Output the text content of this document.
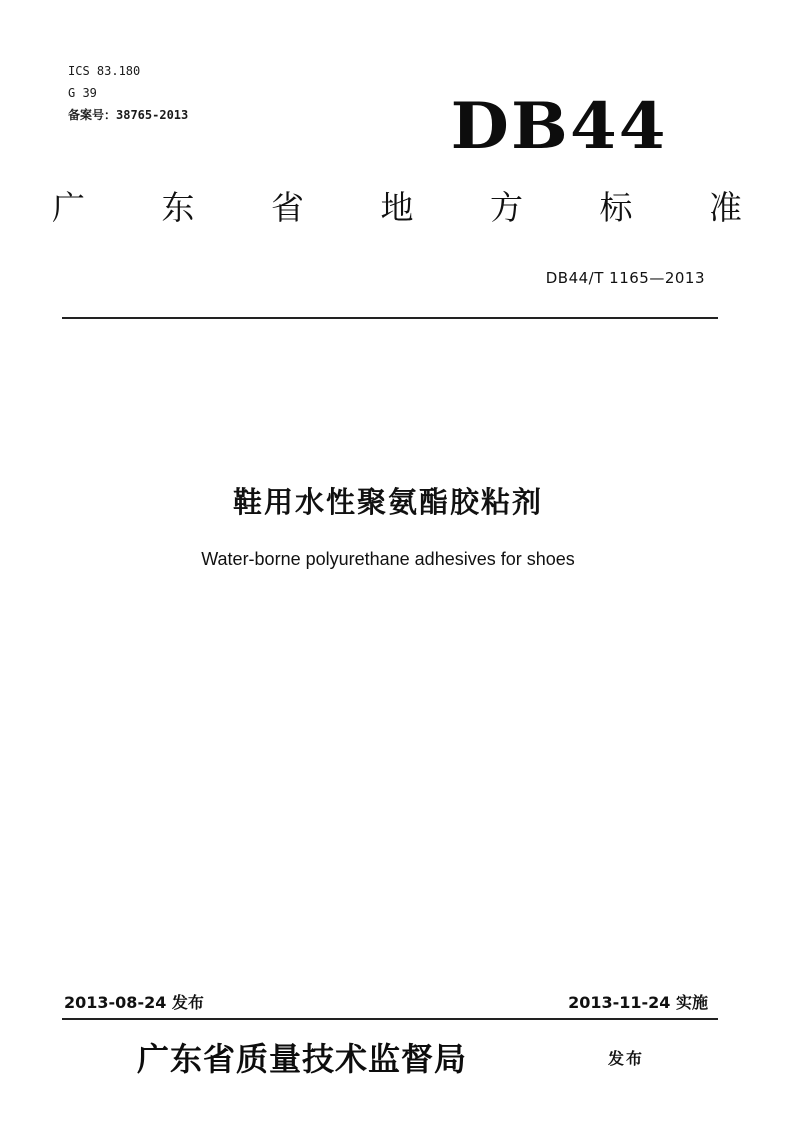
ICS 83.180
G 39
备案号：38765-2013	DB44
广 东 省 地 方 标 准
DB44/T 1165—2013
鞋用水性聚氨酯胶粘剂
Water-borne polyurethane adhesives for shoes
2013-08-24 发布	2013-11-24 实施
广东省质量技术监督局	发布
